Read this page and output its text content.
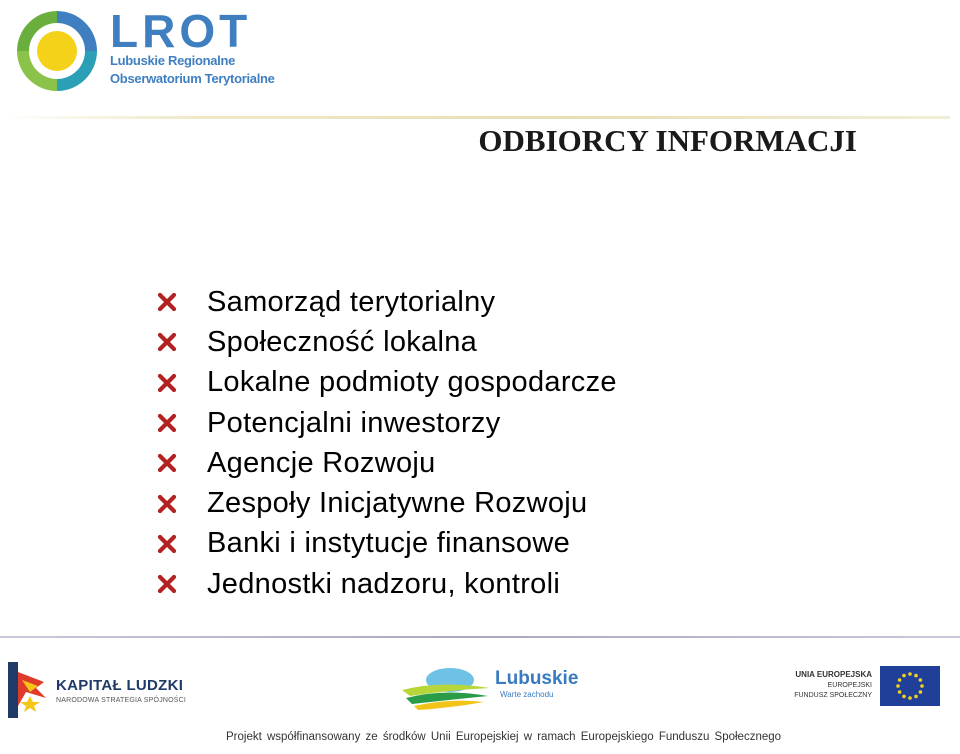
LROT
Lubuskie Regionalne
Obserwatorium Terytorialne
ODBIORCY INFORMACJI
Samorząd terytorialny
Społeczność lokalna
Lokalne podmioty gospodarcze
Potencjalni inwestorzy
Agencje Rozwoju
Zespoły Inicjatywne Rozwoju
Banki i instytucje finansowe
Jednostki nadzoru, kontroli
KAPITAŁ LUDZKI
NARODOWA STRATEGIA SPÓJNOŚCI
Lubuskie
Warte zachodu
UNIA EUROPEJSKA
EUROPEJSKI
FUNDUSZ SPOŁECZNY
Projekt współfinansowany ze środków Unii Europejskiej w ramach Europejskiego Funduszu Społecznego
